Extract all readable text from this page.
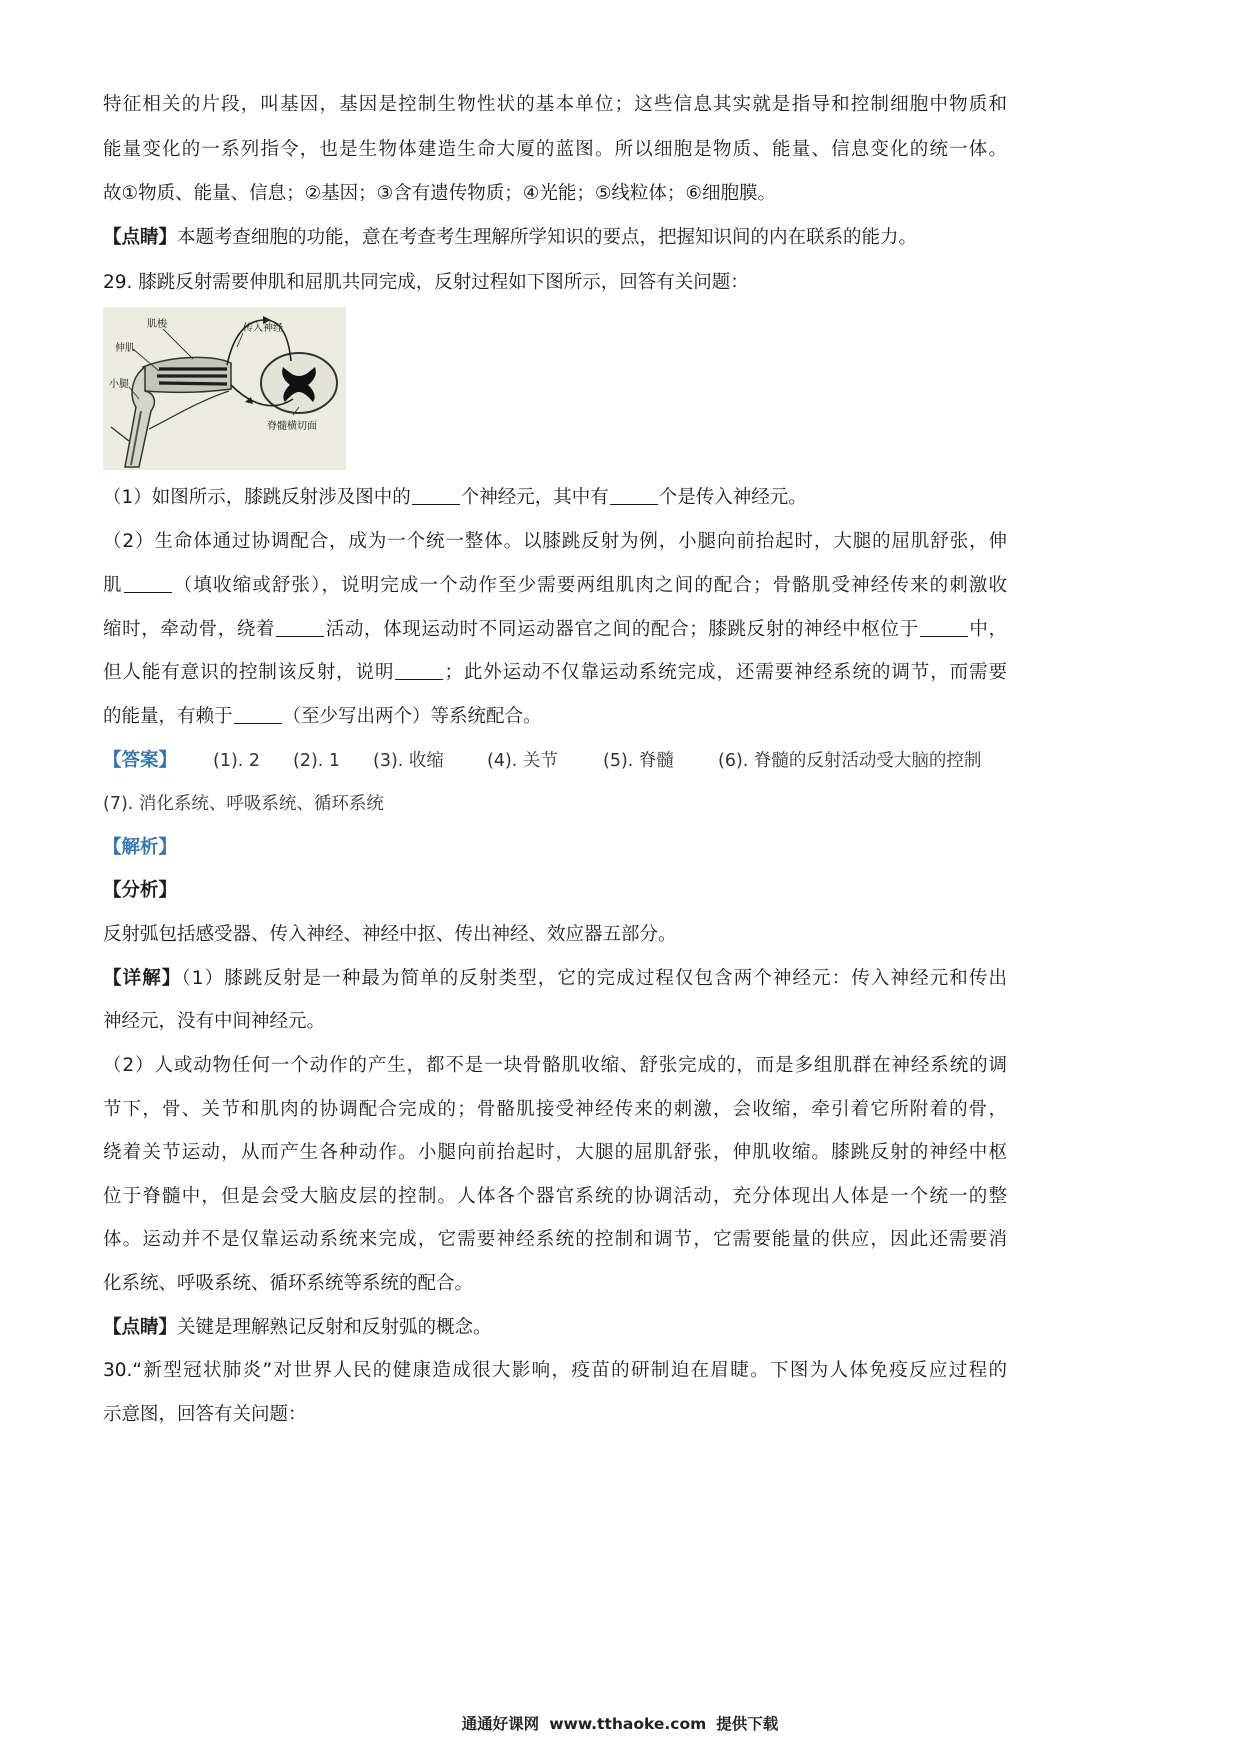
特征相关的片段，叫基因，基因是控制生物性状的基本单位；这些信息其实就是指导和控制细胞中物质和
能量变化的一系列指令，也是生物体建造生命大厦的蓝图。所以细胞是物质、能量、信息变化的统一体。
故①物质、能量、信息；②基因；③含有遗传物质；④光能；⑤线粒体；⑥细胞膜。
【点睛】本题考查细胞的功能，意在考查考生理解所学知识的要点，把握知识间的内在联系的能力。
29. 膝跳反射需要伸肌和屈肌共同完成，反射过程如下图所示，回答有关问题：
肌梭
伸肌
小腿
传入神经
脊髓横切面
（1）如图所示，膝跳反射涉及图中的	个神经元，其中有	个是传入神经元。
（2）生命体通过协调配合，成为一个统一整体。以膝跳反射为例，小腿向前抬起时，大腿的屈肌舒张，伸
肌	（填收缩或舒张），说明完成一个动作至少需要两组肌肉之间的配合；骨骼肌受神经传来的刺激收
缩时，牵动骨，绕着	活动，体现运动时不同运动器官之间的配合；膝跳反射的神经中枢位于	中，
但人能有意识的控制该反射，说明	；此外运动不仅靠运动系统完成，还需要神经系统的调节，而需要
的能量，有赖于	（至少写出两个）等系统配合。
【答案】 (1). 2 (2). 1 (3). 收缩 (4). 关节	(5). 脊髓	(6). 脊髓的反射活动受大脑的控制
(7). 消化系统、呼吸系统、循环系统
【解析】
【分析】
反射弧包括感受器、传入神经、神经中抠、传出神经、效应器五部分。
【详解】（1）膝跳反射是一种最为简单的反射类型，它的完成过程仅包含两个神经元：传入神经元和传出
神经元，没有中间神经元。
（2）人或动物任何一个动作的产生，都不是一块骨骼肌收缩、舒张完成的，而是多组肌群在神经系统的调
节下，骨、关节和肌肉的协调配合完成的；骨骼肌接受神经传来的刺激，会收缩，牵引着它所附着的骨，
绕着关节运动，从而产生各种动作。小腿向前抬起时，大腿的屈肌舒张，伸肌收缩。膝跳反射的神经中枢
位于脊髓中，但是会受大脑皮层的控制。人体各个器官系统的协调活动，充分体现出人体是一个统一的整
体。运动并不是仅靠运动系统来完成，它需要神经系统的控制和调节，它需要能量的供应，因此还需要消
化系统、呼吸系统、循环系统等系统的配合。
【点睛】关键是理解熟记反射和反射弧的概念。
30.“新型冠状肺炎”对世界人民的健康造成很大影响，疫苗的研制迫在眉睫。下图为人体免疫反应过程的
示意图，回答有关问题：
通通好课网 www.tthaoke.com 提供下载
